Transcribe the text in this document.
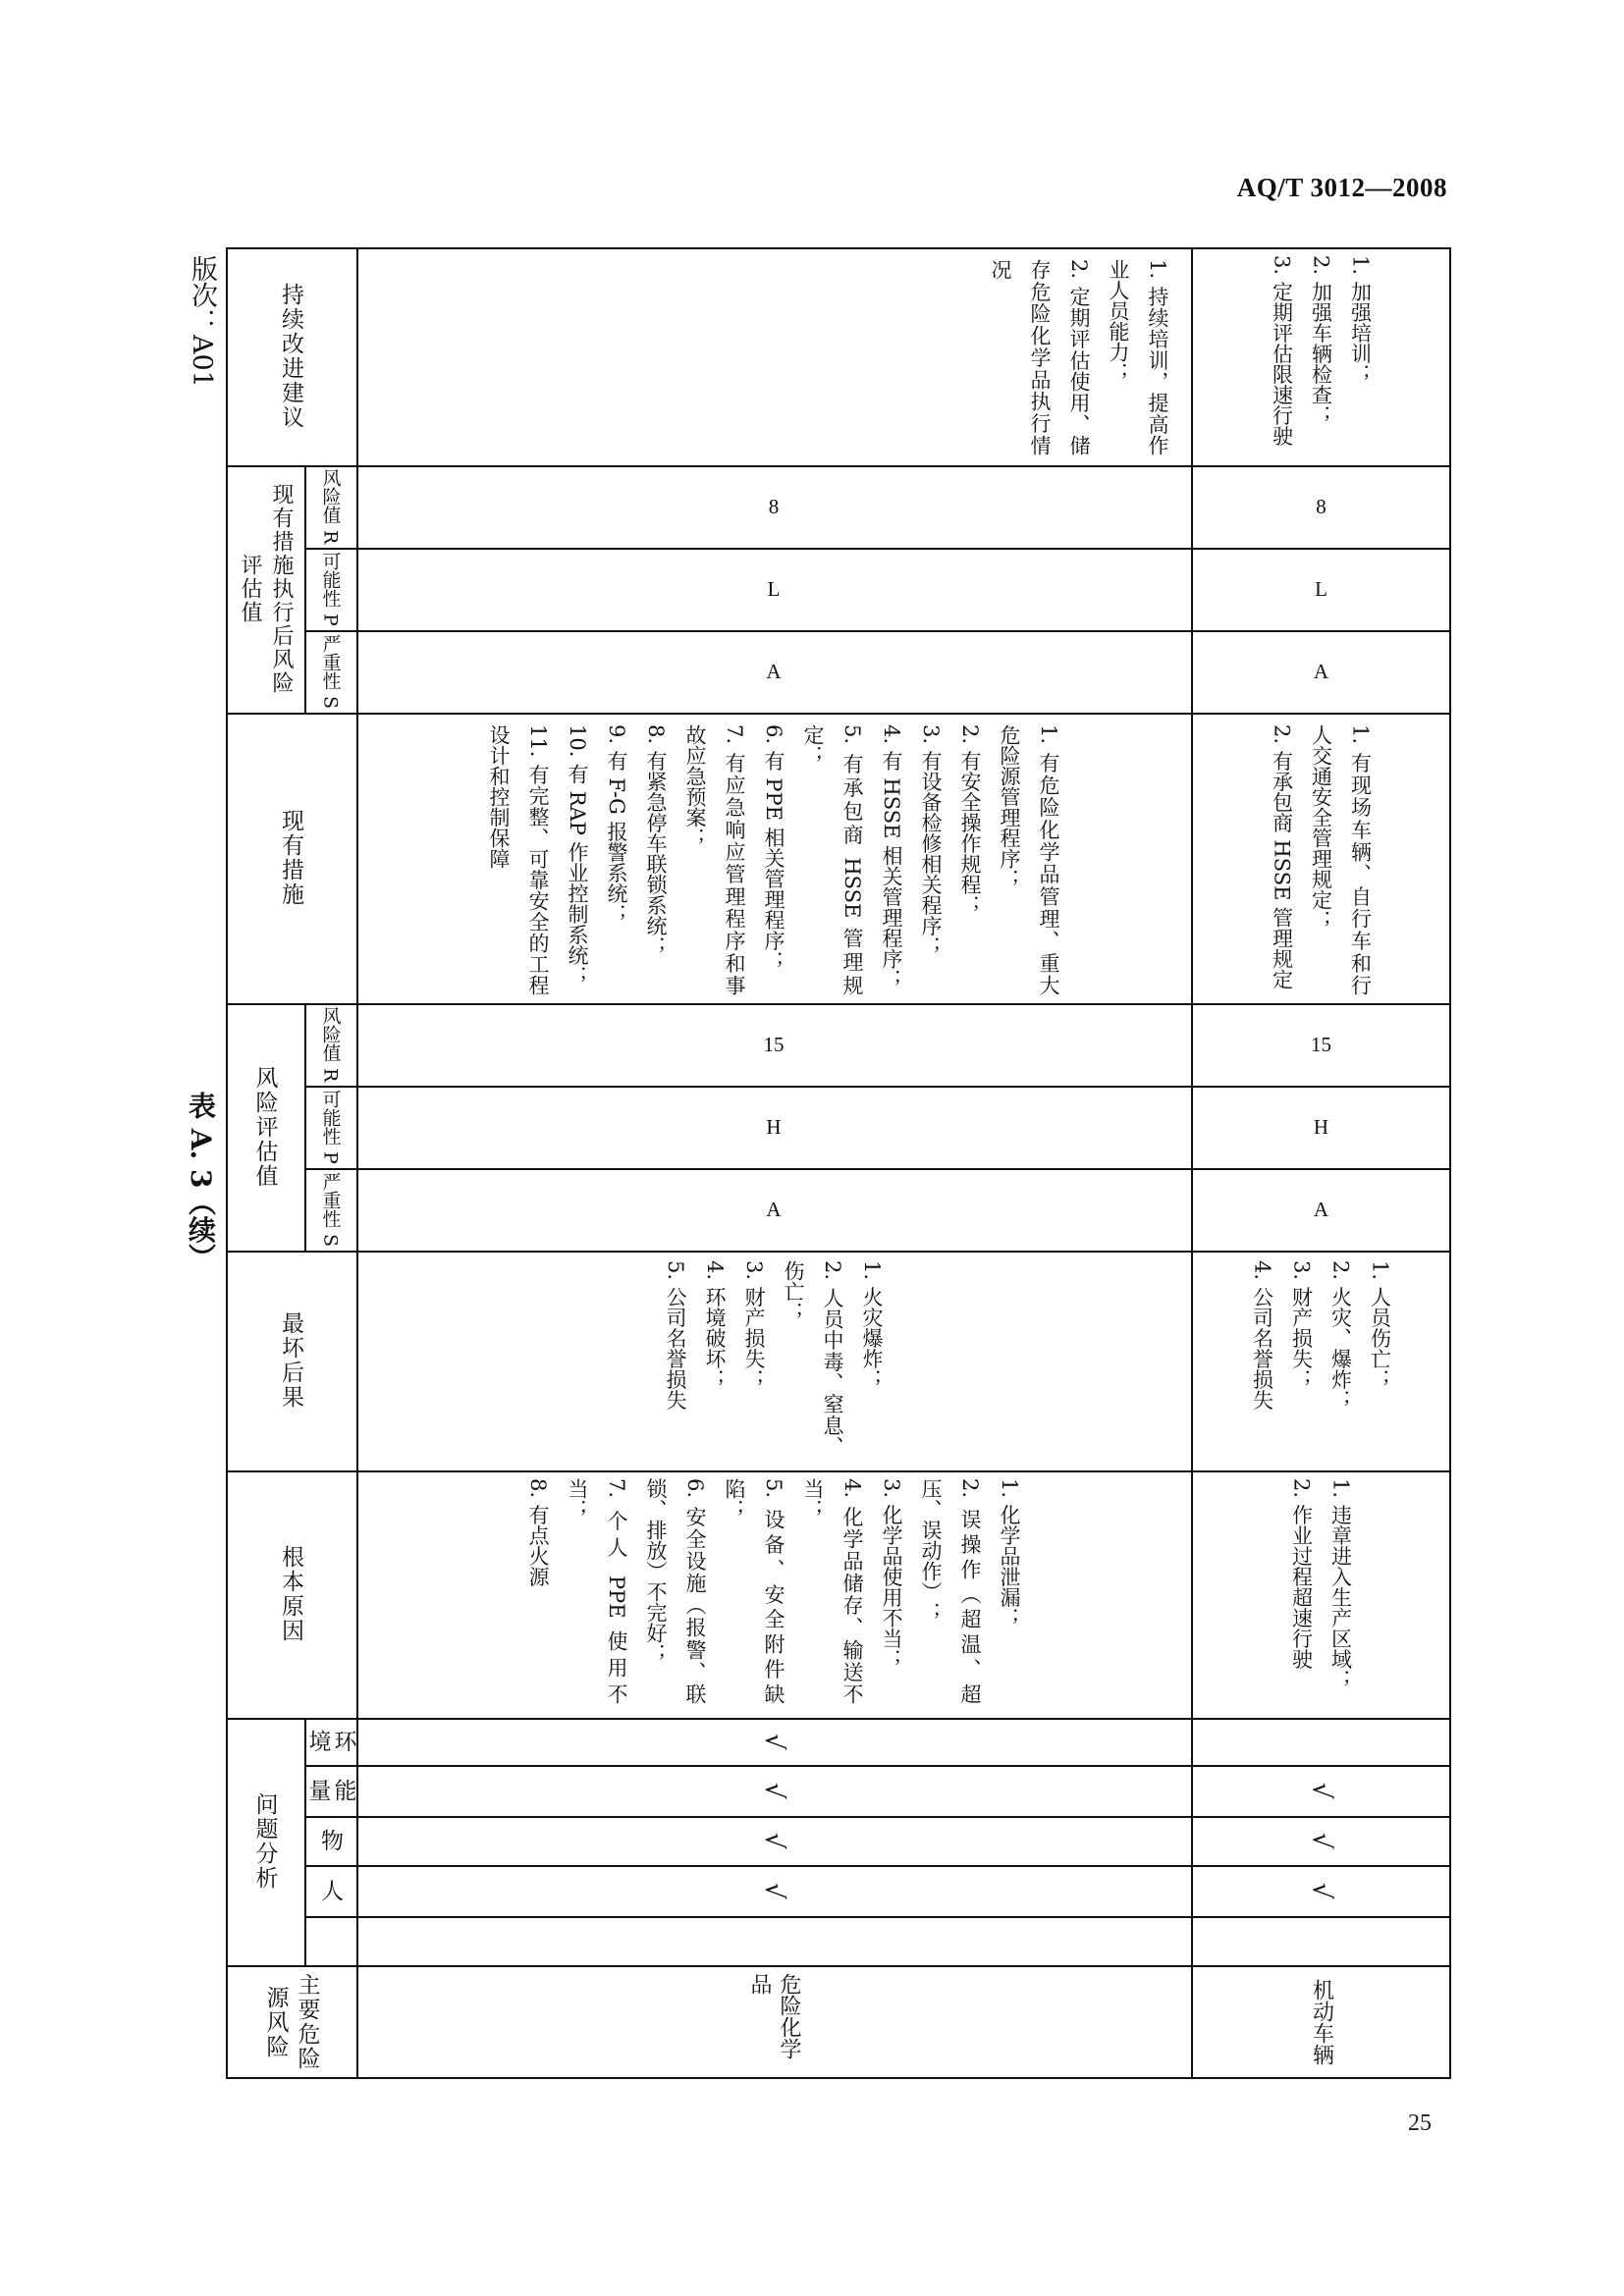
AQ/T 3012—2008
表 A. 3（续）
版次：A01
25
持续改进建议
现有措施执行后风险评估值
风险值 R
可能性 P
严重性 S
现有措施
风险评估值
风险值 R
可能性 P
严重性 S
最坏后果
根本原因
问题分析
环境
能量
物
人
主要危险源风险
1. 持续培训，提高作业人员能力；
2. 定期评估使用、储存危险化学品执行情况
8
L
A
1. 有危险化学品管理、重大危险源管理程序；
2. 有安全操作规程；
3. 有设备检修相关程序；
4. 有 HSSE 相关管理程序；
5. 有承包商 HSSE 管理规定；
6. 有 PPE 相关管理程序；
7. 有应急响应管理程序和事故应急预案；
8. 有紧急停车联锁系统；
9. 有 F-G 报警系统；
10. 有 RAP 作业控制系统；
11. 有完整、可靠安全的工程设计和控制保障
15
H
A
1. 火灾爆炸；
2. 人员中毒、窒息、伤亡；
3. 财产损失；
4. 环境破坏；
5. 公司名誉损失
1. 化学品泄漏；
2. 误操作（超温、超压、误动作）；
3. 化学品使用不当；
4. 化学品储存、输送不当；
5. 设备、安全附件缺陷；
6. 安全设施（报警、联锁、排放）不完好；
7. 个人 PPE 使用不当；
8. 有点火源
√
√
√
√
危险化学品
1. 加强培训；
2. 加强车辆检查；
3. 定期评估限速行驶
8
L
A
1. 有现场车辆、自行车和行人交通安全管理规定；
2. 有承包商 HSSE 管理规定
15
H
A
1. 人员伤亡；
2. 火灾、爆炸；
3. 财产损失；
4. 公司名誉损失
1. 违章进入生产区域；
2. 作业过程超速行驶
√
√
√
机动车辆
